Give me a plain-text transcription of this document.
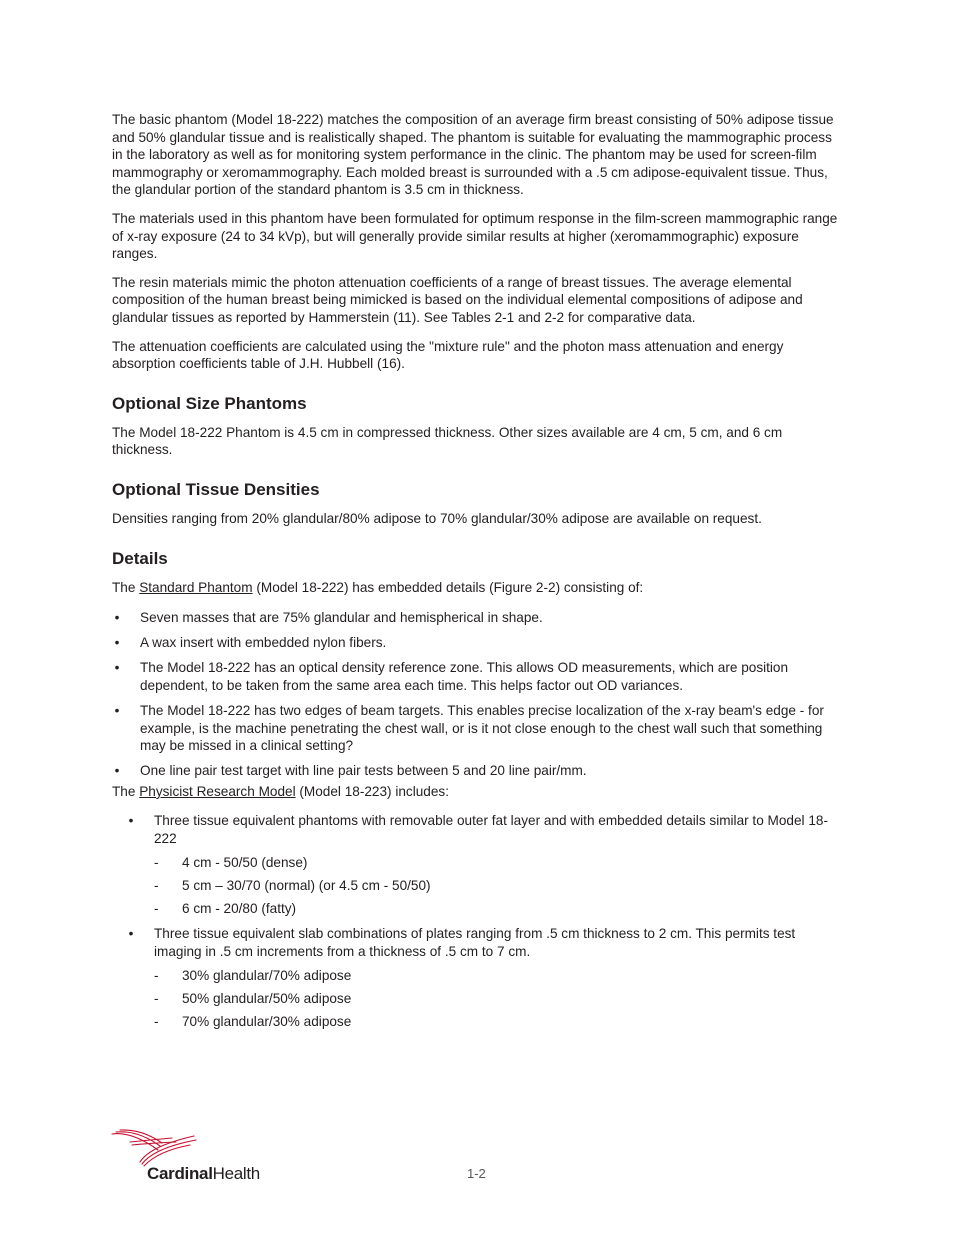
The basic phantom (Model 18-222) matches the composition of an average firm breast consisting of 50% adipose tissue and 50% glandular tissue and is realistically shaped. The phantom is suitable for evaluating the mammographic process in the laboratory as well as for monitoring system performance in the clinic. The phantom may be used for screen-film mammography or xeromammography. Each molded breast is surrounded with a .5 cm adipose-equivalent tissue. Thus, the glandular portion of the standard phantom is 3.5 cm in thickness.

The materials used in this phantom have been formulated for optimum response in the film-screen mammographic range of x-ray exposure (24 to 34 kVp), but will generally provide similar results at higher (xeromammographic) exposure ranges.

The resin materials mimic the photon attenuation coefficients of a range of breast tissues. The average elemental composition of the human breast being mimicked is based on the individual elemental compositions of adipose and glandular tissues as reported by Hammerstein (11). See Tables 2-1 and 2-2 for comparative data.

The attenuation coefficients are calculated using the "mixture rule" and the photon mass attenuation and energy absorption coefficients table of J.H. Hubbell (16).

Optional Size Phantoms

The Model 18-222 Phantom is 4.5 cm in compressed thickness. Other sizes available are 4 cm, 5 cm, and 6 cm thickness.

Optional Tissue Densities

Densities ranging from 20% glandular/80% adipose to 70% glandular/30% adipose are available on request.

Details

The Standard Phantom (Model 18-222) has embedded details (Figure 2-2) consisting of:

• Seven masses that are 75% glandular and hemispherical in shape.
• A wax insert with embedded nylon fibers.
• The Model 18-222 has an optical density reference zone. This allows OD measurements, which are position dependent, to be taken from the same area each time. This helps factor out OD variances.
• The Model 18-222 has two edges of beam targets. This enables precise localization of the x-ray beam's edge - for example, is the machine penetrating the chest wall, or is it not close enough to the chest wall such that something may be missed in a clinical setting?
• One line pair test target with line pair tests between 5 and 20 line pair/mm.

The Physicist Research Model (Model 18-223) includes:

• Three tissue equivalent phantoms with removable outer fat layer and with embedded details similar to Model 18-222
- 4 cm - 50/50 (dense)
- 5 cm – 30/70 (normal) (or 4.5 cm - 50/50)
- 6 cm - 20/80 (fatty)
• Three tissue equivalent slab combinations of plates ranging from .5 cm thickness to 2 cm. This permits test imaging in .5 cm increments from a thickness of .5 cm to 7 cm.
- 30% glandular/70% adipose
- 50% glandular/50% adipose
- 70% glandular/30% adipose
CardinalHealth	1-2
